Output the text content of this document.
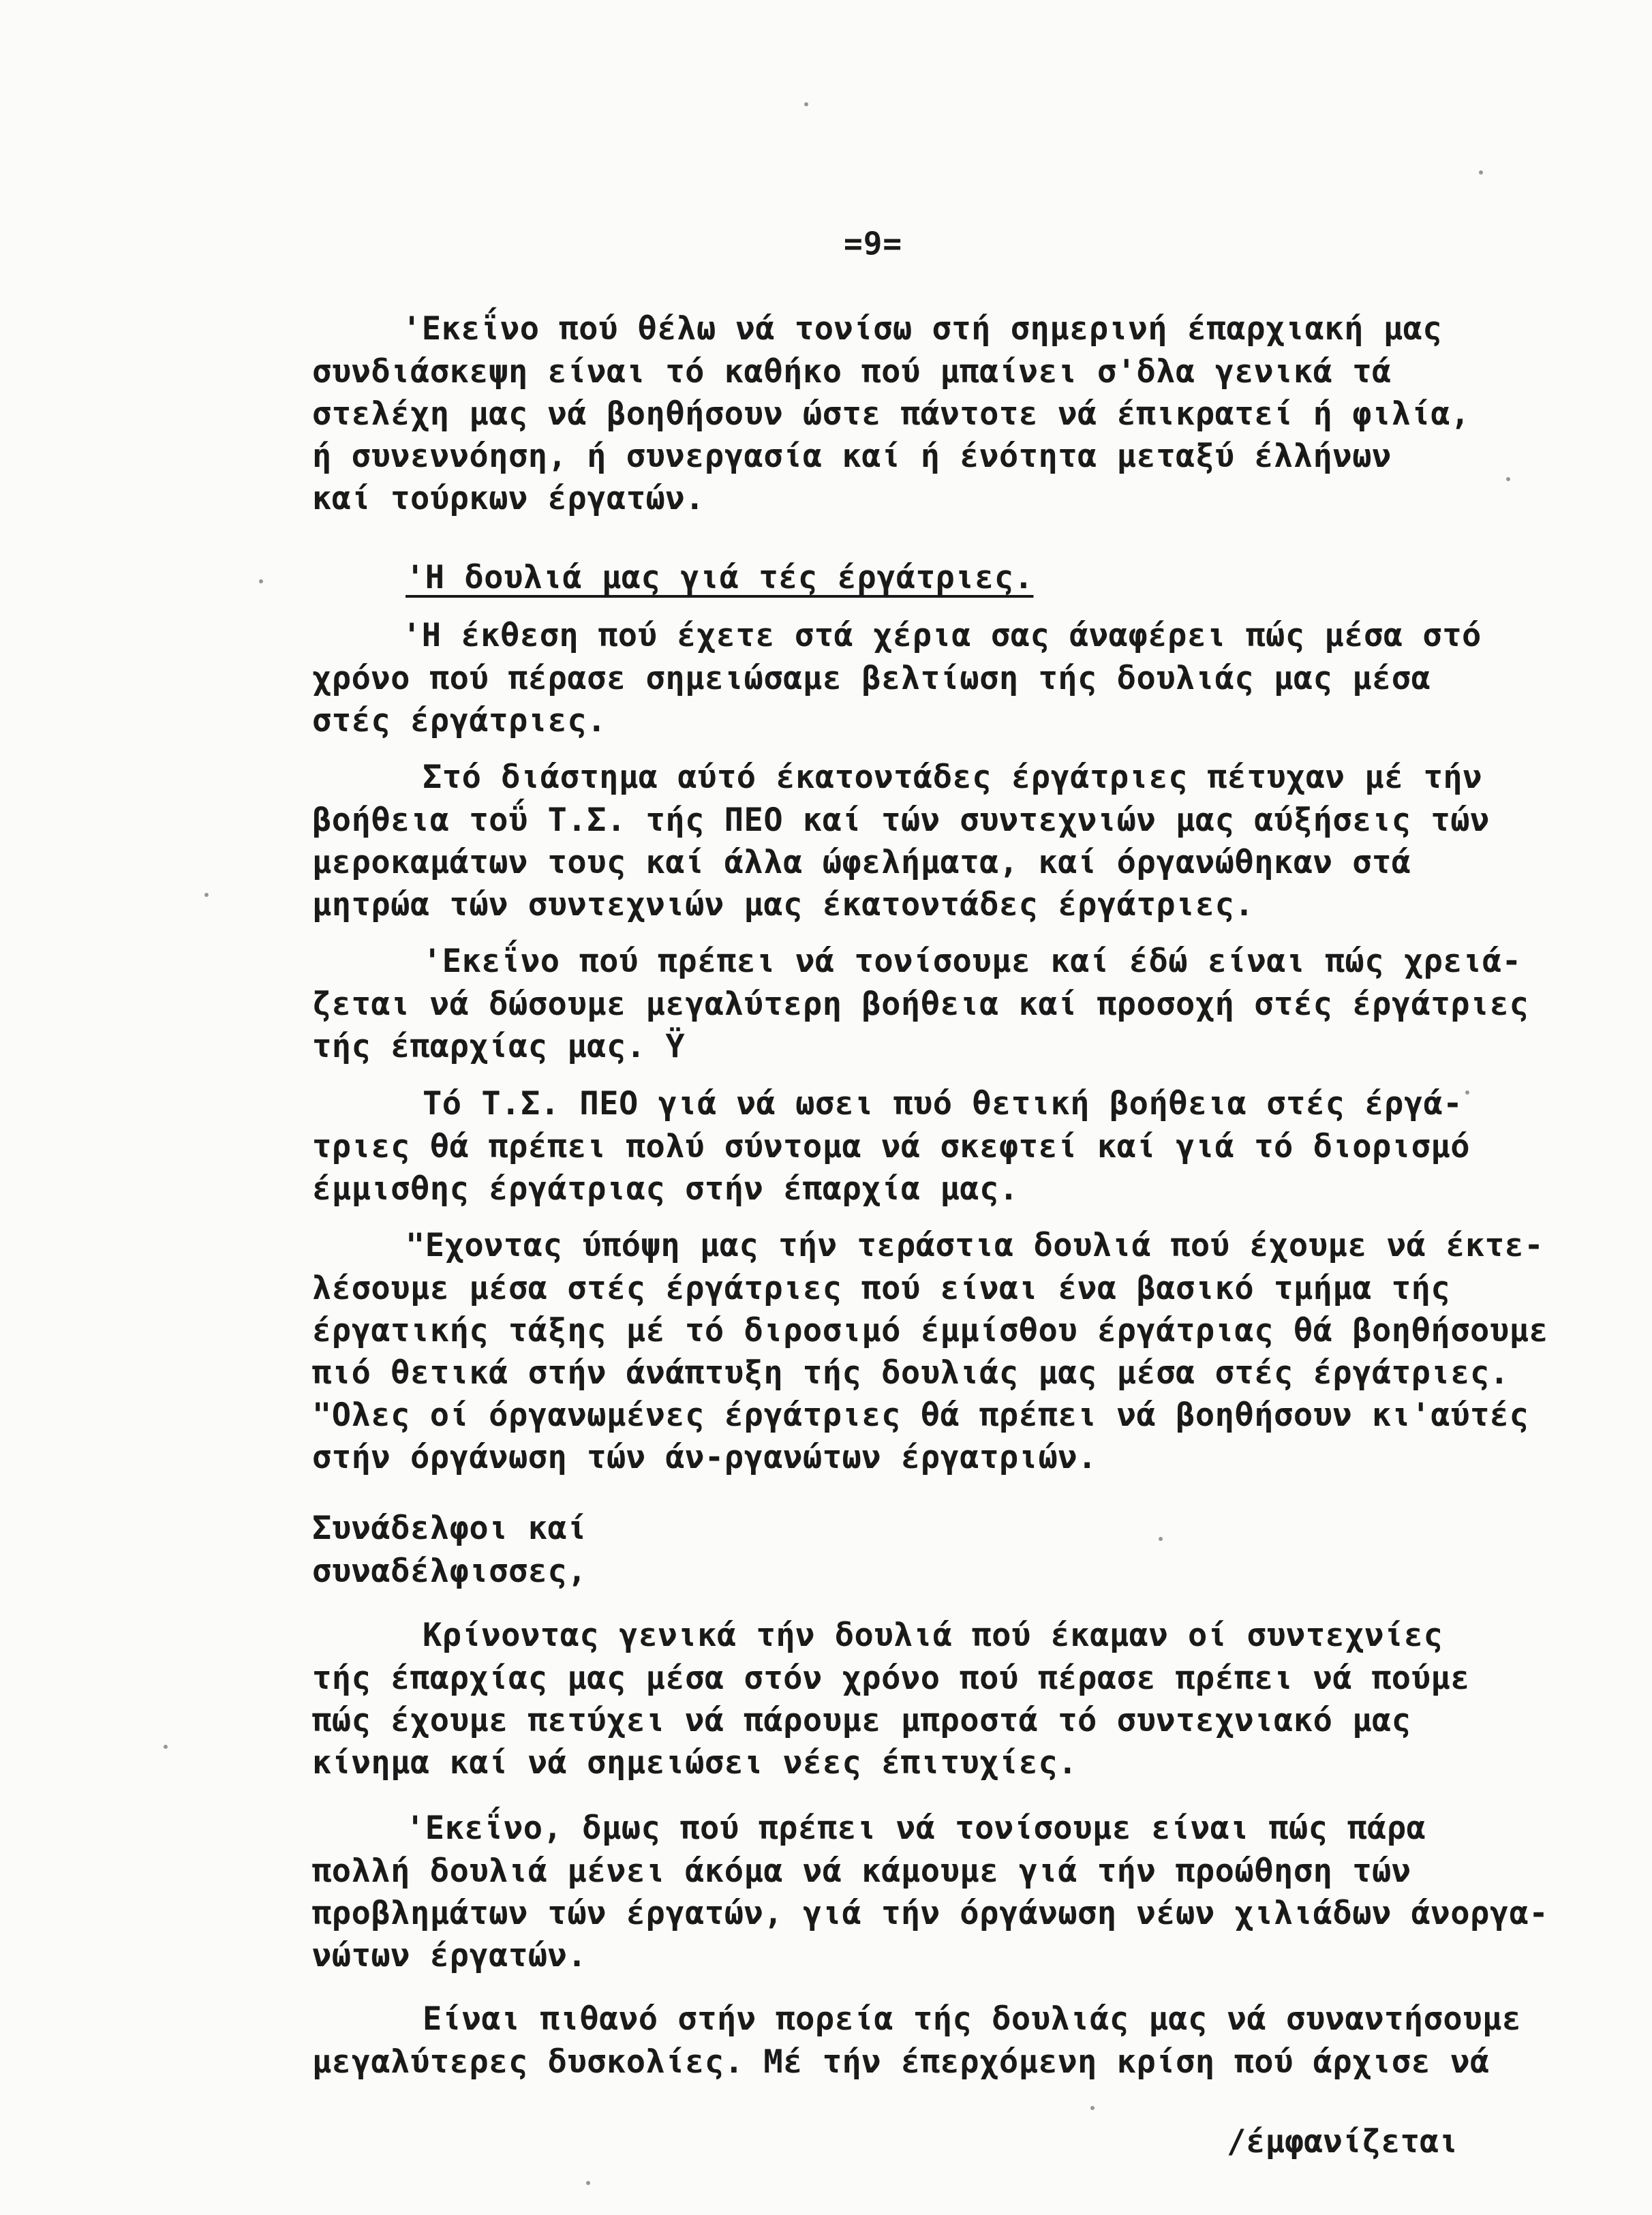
=9=
'Εκεΐνο πού θέλω νά τονίσω στή σημερινή έπαρχιακή μας
συνδιάσκεψη είναι τό καθήκο πού μπαίνει σ'δλα γενικά τά
στελέχη μας νά βοηθήσουν ώστε πάντοτε νά έπικρατεί ή φιλία,
ή συνεννόηση, ή συνεργασία καί ή ένότητα μεταξύ έλλήνων
καί τούρκων έργατών.
'Η δουλιά μας γιά τές έργάτριες.
'Η έκθεση πού έχετε στά χέρια σας άναφέρει πώς μέσα στό
χρόνο πού πέρασε σημειώσαμε βελτίωση τής δουλιάς μας μέσα
στές έργάτριες.
Στό διάστημα αύτό έκατοντάδες έργάτριες πέτυχαν μέ τήν
βοήθεια τοΰ Τ.Σ. τής ΠΕΟ καί τών συντεχνιών μας αύξήσεις τών
μεροκαμάτων τους καί άλλα ώφελήματα, καί όργανώθηκαν στά
μητρώα τών συντεχνιών μας έκατοντάδες έργάτριες.
'Εκεΐνο πού πρέπει νά τονίσουμε καί έδώ είναι πώς χρειά-
ζεται νά δώσουμε μεγαλύτερη βοήθεια καί προσοχή στές έργάτριες
τής έπαρχίας μας. Ϋ
Τό Τ.Σ. ΠΕΟ γιά νά ωσει πυό θετική βοήθεια στές έργά-
τριες θά πρέπει πολύ σύντομα νά σκεφτεί καί γιά τό διορισμό
έμμισθης έργάτριας στήν έπαρχία μας.
"Εχοντας ύπόψη μας τήν τεράστια δουλιά πού έχουμε νά έκτε-
λέσουμε μέσα στές έργάτριες πού είναι ένα βασικό τμήμα τής
έργατικής τάξης μέ τό διροσιμό έμμίσθου έργάτριας θά βοηθήσουμε
πιό θετικά στήν άνάπτυξη τής δουλιάς μας μέσα στές έργάτριες.
"Ολες οί όργανωμένες έργάτριες θά πρέπει νά βοηθήσουν κι'αύτές
στήν όργάνωση τών άν-ργανώτων έργατριών.
Συνάδελφοι καί
συναδέλφισσες,
Κρίνοντας γενικά τήν δουλιά πού έκαμαν οί συντεχνίες
τής έπαρχίας μας μέσα στόν χρόνο πού πέρασε πρέπει νά πούμε
πώς έχουμε πετύχει νά πάρουμε μπροστά τό συντεχνιακό μας
κίνημα καί νά σημειώσει νέες έπιτυχίες.
'Εκεΐνο, δμως πού πρέπει νά τονίσουμε είναι πώς πάρα
πολλή δουλιά μένει άκόμα νά κάμουμε γιά τήν προώθηση τών
προβλημάτων τών έργατών, γιά τήν όργάνωση νέων χιλιάδων άνοργα-
νώτων έργατών.
Είναι πιθανό στήν πορεία τής δουλιάς μας νά συναντήσουμε
μεγαλύτερες δυσκολίες. Μέ τήν έπερχόμενη κρίση πού άρχισε νά
/έμφανίζεται
